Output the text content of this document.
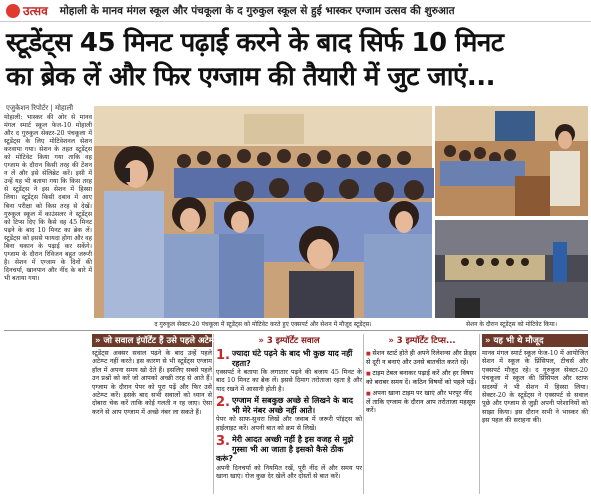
उत्सव	मोहाली के मानव मंगल स्कूल और पंचकूला के द गुरुकुल स्कूल से हुई भास्कर एग्जाम उत्सव की शुरुआत
स्टूडेंट्स 45 मिनट पढ़ाई करने के बाद सिर्फ 10 मिनट
का ब्रेक लें और फिर एग्जाम की तैयारी में जुट जाएं...
एजुकेशन रिपोर्टर | मोहाली
मोहाली: भास्कर की ओर से मानव मंगल स्मार्ट स्कूल फेज-10 मोहाली और द गुरुकुल सेक्टर-20 पंचकूला में स्टूडेंट्स के लिए मोटिवेशनल सेशन करवाया गया। सेशन के तहत स्टूडेंट्स को मोटिवेट किया गया ताकि वह एग्जाम के दौरान किसी तरह की टेंशन न लें और इसे सेलिब्रेट करें। इसी में उन्हें यह भी बताया गया कि किस तरह से स्टूडेंट्स ने इस सेशन में हिस्सा लिया। स्टूडेंट्स किसी दबाव में आए बिना परीक्षा को किस तरह से देखें। गुरुकुल स्कूल में काउंसलर ने स्टूडेंट्स को टिप्स दिए कि कैसे वह 45 मिनट पढ़ने के बाद 10 मिनट का ब्रेक लें। स्टूडेंट्स को इससे फायदा होगा और वह बिना थकान के पढ़ाई कर सकेंगे। एग्जाम के दौरान रिविजन बहुत जरूरी है। सेशन में एग्जाम के दिनों की दिनचर्या, खानपान और नींद के बारे में भी बताया गया।
द गुरुकुल सेक्टर-20 पंचकूला में स्टूडेंट्स को मोटिवेट करते हुए एक्सपर्ट और सेशन में मौजूद स्टूडेंट्स।	सेशन के दौरान स्टूडेंट्स को मोटिवेट किया।
» जो सवाल इंपॉर्टेंट हैं उसे पहले अटेम्प्ट करें...
स्टूडेंट्स अक्सर सवाल पढ़ने के बाद उन्हें पहले अटेम्प्ट नहीं करते। इस कारण से भी स्टूडेंट्स एग्जाम हॉल में अपना समय खो देते हैं। इसलिए सबसे पहले उन प्रश्नों को करें जो आपको अच्छी तरह से आते हैं। एग्जाम के दौरान पेपर को पूरा पढ़ें और फिर उसे अटेम्प्ट करें। इसके बाद सभी सवालों को ध्यान से दोबारा चेक करें ताकि कोई गलती न रह जाए। ऐसा करने से आप एग्जाम में अच्छे नंबर ला सकते हैं।
» 3 इम्पॉर्टेंट सवाल
1. ज्यादा घंटे पढ़ने के बाद भी कुछ याद नहीं रहता?
एक्सपर्ट ने बताया कि लगातार पढ़ने की बजाय 45 मिनट के बाद 10 मिनट का ब्रेक लें। इससे दिमाग तरोताजा रहता है और याद रखने में आसानी होती है।
2. एग्जाम में सबकुछ अच्छे से लिखने के बाद भी मेरे नंबर अच्छे नहीं आते।
पेपर को साफ-सुथरा लिखें और जवाब में जरूरी पॉइंट्स को हाईलाइट करें। अपनी बात को क्रम से लिखें।
3. मेरी आदत अच्छी नहीं है इस वजह से मुझे गुस्सा भी आ जाता है इसको कैसे ठीक करूं?
अपनी दिनचर्या को नियमित रखें, पूरी नींद लें और समय पर खाना खाएं। रोज कुछ देर खेलें और दोस्तों से बात करें।
» 3 इम्पॉर्टेंट टिप्स...
■ सेशन स्टार्ट होते ही अपने रिलेशन्स और फ्रेंड्स से दूरी न बनाएं और उनसे बातचीत करते रहें।
■ टाइम टेबल बनाकर पढ़ाई करें और हर विषय को बराबर समय दें। कठिन विषयों को पहले पढ़ें।
■ अपना खाना टाइम पर खाएं और भरपूर नींद लें ताकि एग्जाम के दौरान आप तरोताजा महसूस करें।
» यह भी थे मौजूद
मानव मंगल स्मार्ट स्कूल फेज-10 में आयोजित सेशन में स्कूल के प्रिंसिपल, टीचर्स और एक्सपर्ट मौजूद रहे। द गुरुकुल सेक्टर-20 पंचकूला में स्कूल की प्रिंसिपल और स्टाफ सदस्यों ने भी सेशन में हिस्सा लिया। सेक्टर-20 के स्टूडेंट्स ने एक्सपर्ट से सवाल पूछे और एग्जाम से जुड़ी अपनी परेशानियों को साझा किया। इस दौरान सभी ने भास्कर की इस पहल की सराहना की।
